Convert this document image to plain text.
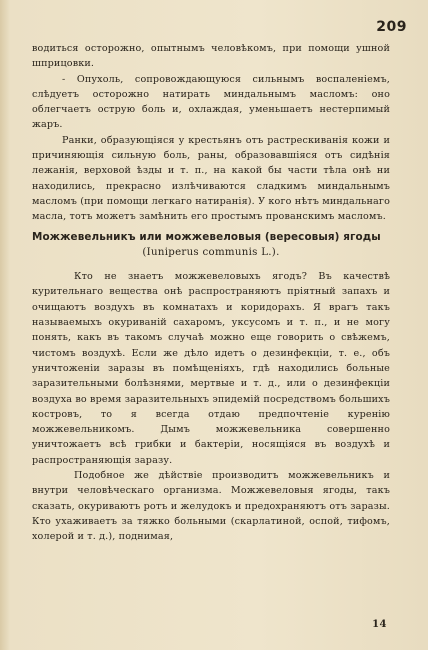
209

водиться осторожно, опытнымъ человѣкомъ, при помощи ушной шприцовки.

- Опухоль, сопровождающуюся сильнымъ воспаленiемъ, слѣдуетъ осторожно натирать миндальнымъ масломъ: оно облегчаетъ острую боль и, охлаждая, уменьшаетъ нестерпимый жаръ.

Ранки, образующiяся у крестьянъ отъ растрескиванiя кожи и причиняющiя сильную боль, раны, образовавшiяся отъ сидѣнiя лежанiя, верховой ѣзды и т. п., на какой бы части тѣла онѣ ни находились, прекрасно излѣчиваются сладкимъ миндальнымъ масломъ (при помощи легкаго натиранiя). У кого нѣтъ миндальнаго масла, тотъ можетъ замѣнить его простымъ прованскимъ масломъ.

Можжевельникъ или можжевеловыя (вересовыя) ягоды

(Iuniperus communis L.).

Кто не знаетъ можжевеловыхъ ягодъ? Въ качествѣ курительнаго вещества онѣ распространяютъ прiятный запахъ и очищаютъ воздухъ въ комнатахъ и коридорахъ. Я врагъ такъ называемыхъ окуриванiй сахаромъ, уксусомъ и т. п., и не могу понять, какъ въ такомъ случаѣ можно еще говорить о свѣжемъ, чистомъ воздухѣ. Если же дѣло идетъ о дезинфекцiи, т. е., объ уничтоженiи заразы въ помѣщенiяхъ, гдѣ находились больные заразительными болѣзнями, мертвые и т. д., или о дезинфекцiи воздуха во время заразительныхъ эпидемiй посредствомъ большихъ костровъ, то я всегда отдаю предпочтенiе куренiю можжевельникомъ. Дымъ можжевельника совершенно уничтожаетъ всѣ грибки и бактерiи, носящiяся въ воздухѣ и распространяющiя заразу.

Подобное же дѣйствiе производитъ можжевельникъ и внутри человѣческаго организма. Можжевеловыя ягоды, такъ сказать, окуриваютъ ротъ и желудокъ и предохраняютъ отъ заразы. Кто ухаживаетъ за тяжко больными (скарлатиной, оспой, тифомъ, холерой и т. д.), поднимая,

14
